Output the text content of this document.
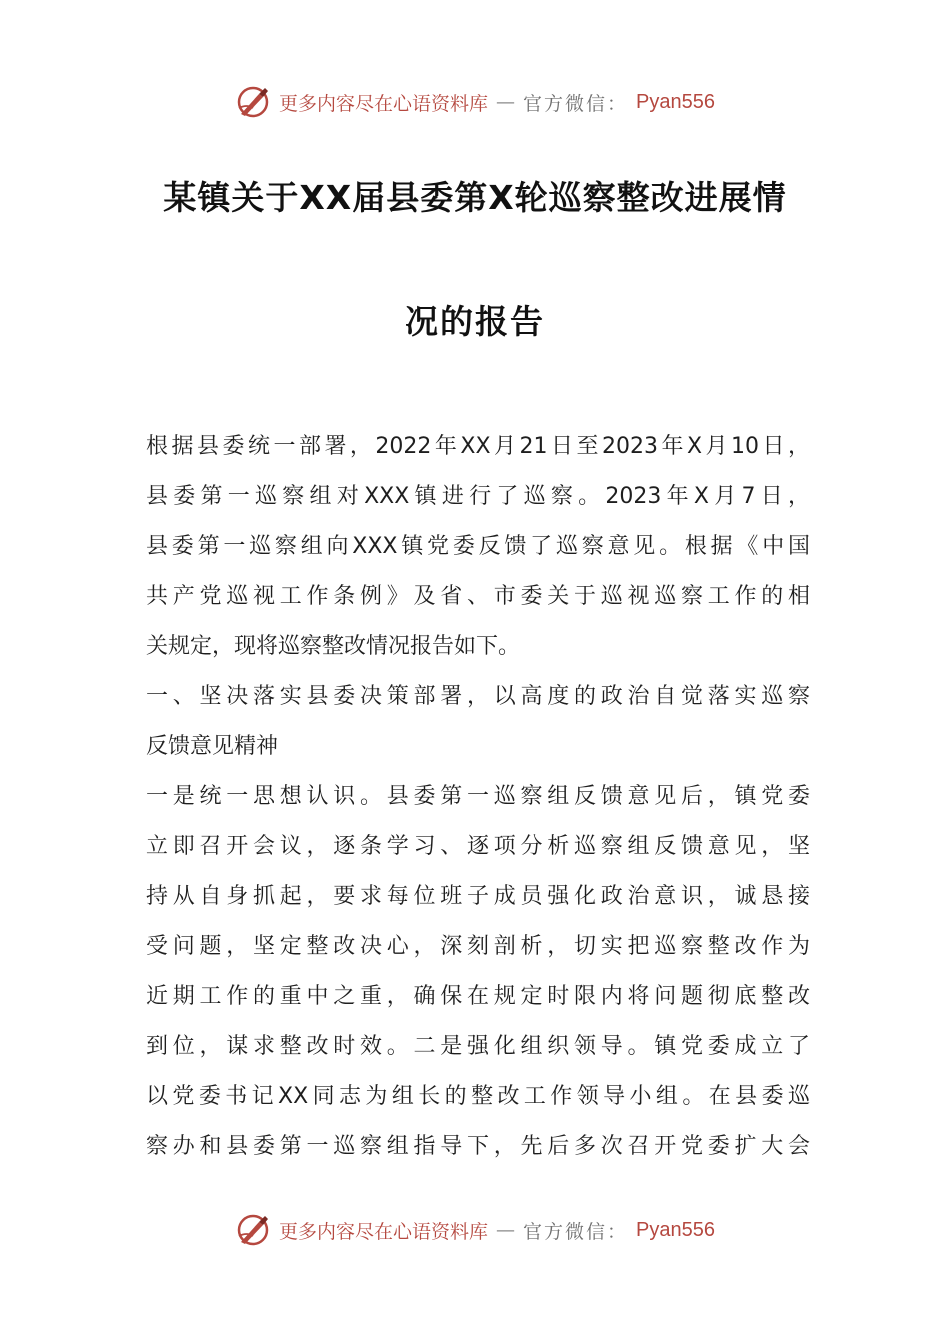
更多内容尽在心语资料库 — 官方微信： Pyan556
某镇关于XX届县委第X轮巡察整改进展情
况的报告

根据县委统一部署，2022年XX月21日至2023年X月10日，

县委第一巡察组对XXX镇进行了巡察。2023年X月7日，

县委第一巡察组向XXX镇党委反馈了巡察意见。根据《中国

共产党巡视工作条例》及省、市委关于巡视巡察工作的相

关规定，现将巡察整改情况报告如下。

一、坚决落实县委决策部署，以高度的政治自觉落实巡察

反馈意见精神

一是统一思想认识。县委第一巡察组反馈意见后，镇党委

立即召开会议，逐条学习、逐项分析巡察组反馈意见，坚

持从自身抓起，要求每位班子成员强化政治意识，诚恳接

受问题，坚定整改决心，深刻剖析，切实把巡察整改作为

近期工作的重中之重，确保在规定时限内将问题彻底整改

到位，谋求整改时效。二是强化组织领导。镇党委成立了

以党委书记XX同志为组长的整改工作领导小组。在县委巡

察办和县委第一巡察组指导下，先后多次召开党委扩大会

更多内容尽在心语资料库 — 官方微信： Pyan556
